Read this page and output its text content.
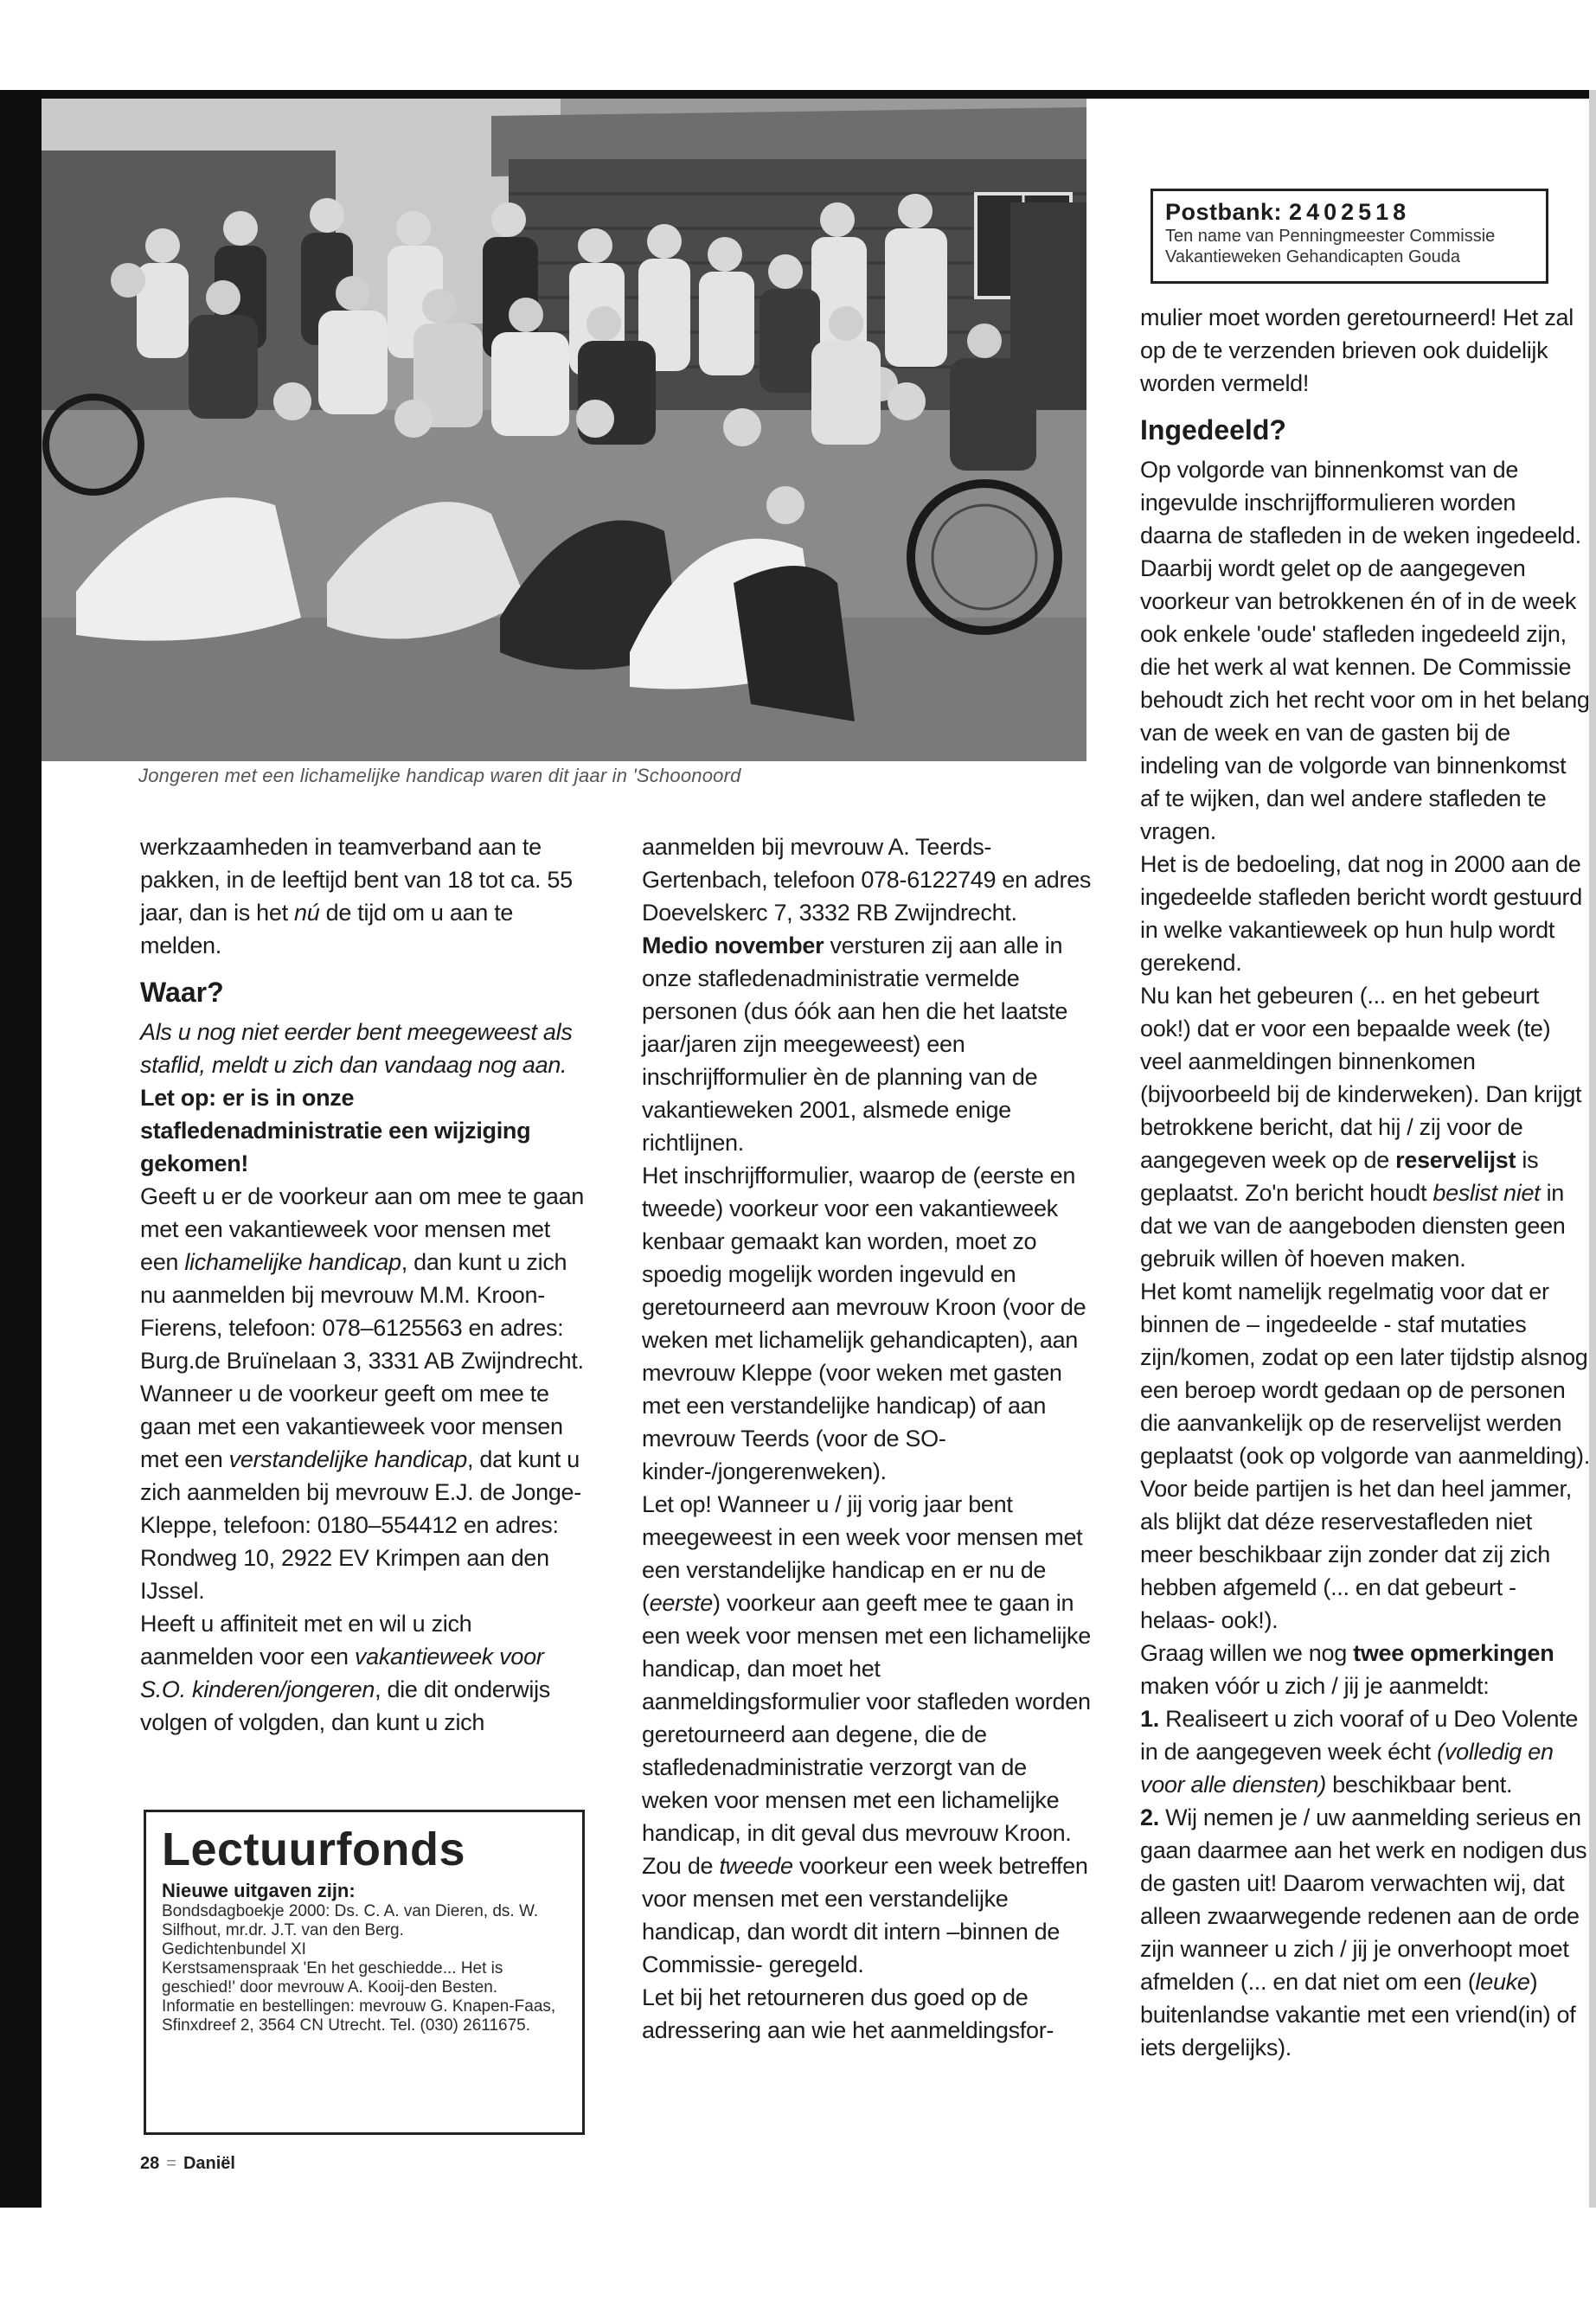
Jongeren met een lichamelijke handicap waren dit jaar in 'Schoonoord
Postbank: 2402518
Ten name van Penningmeester Commissie
Vakantieweken Gehandicapten Gouda

werkzaamheden in teamverband aan te pakken, in de leeftijd bent van 18 tot ca. 55 jaar, dan is het nú de tijd om u aan te melden.

Waar?

Als u nog niet eerder bent meegeweest als staflid, meldt u zich dan vandaag nog aan.

Let op: er is in onze stafledenadministratie een wijziging gekomen!

Geeft u er de voorkeur aan om mee te gaan met een vakantieweek voor mensen met een lichamelijke handicap, dan kunt u zich nu aanmelden bij mevrouw M.M. Kroon-Fierens, telefoon: 078–6125563 en adres: Burg.de Bruïnelaan 3, 3331 AB Zwijndrecht.

Wanneer u de voorkeur geeft om mee te gaan met een vakantieweek voor mensen met een verstandelijke handicap, dat kunt u zich aanmelden bij mevrouw E.J. de Jonge-Kleppe, telefoon: 0180–554412 en adres: Rondweg 10, 2922 EV Krimpen aan den IJssel.

Heeft u affiniteit met en wil u zich aanmelden voor een vakantieweek voor S.O. kinderen/jongeren, die dit onderwijs volgen of volgden, dan kunt u zich

Lectuurfonds
Nieuwe uitgaven zijn:

Bondsdagboekje 2000: Ds. C. A. van Dieren, ds. W. Silfhout, mr.dr. J.T. van den Berg.

Gedichtenbundel XI

Kerstsamenspraak 'En het geschiedde... Het is geschied!' door mevrouw A. Kooij-den Besten.

Informatie en bestellingen: mevrouw G. Knapen-Faas, Sfinxdreef 2, 3564 CN Utrecht. Tel. (030) 2611675.

aanmelden bij mevrouw A. Teerds-Gertenbach, telefoon 078-6122749 en adres Doevelskerc 7, 3332 RB Zwijndrecht.

Medio november versturen zij aan alle in onze stafledenadministratie vermelde personen (dus óók aan hen die het laatste jaar/jaren zijn meegeweest) een inschrijfformulier èn de planning van de vakantieweken 2001, alsmede enige richtlijnen.

Het inschrijfformulier, waarop de (eerste en tweede) voorkeur voor een vakantieweek kenbaar gemaakt kan worden, moet zo spoedig mogelijk worden ingevuld en geretourneerd aan mevrouw Kroon (voor de weken met lichamelijk gehandicapten), aan mevrouw Kleppe (voor weken met gasten met een verstandelijke handicap) of aan mevrouw Teerds (voor de SO-kinder-/jongerenweken).

Let op! Wanneer u / jij vorig jaar bent meegeweest in een week voor mensen met een verstandelijke handicap en er nu de (eerste) voorkeur aan geeft mee te gaan in een week voor mensen met een lichamelijke handicap, dan moet het aanmeldingsformulier voor stafleden worden geretourneerd aan degene, die de stafledenadministratie verzorgt van de weken voor mensen met een lichamelijke handicap, in dit geval dus mevrouw Kroon. Zou de tweede voorkeur een week betreffen voor mensen met een verstandelijke handicap, dan wordt dit intern –binnen de Commissie- geregeld.

Let bij het retourneren dus goed op de adressering aan wie het aanmeldingsfor-

mulier moet worden geretourneerd! Het zal op de te verzenden brieven ook duidelijk worden vermeld!

Ingedeeld?

Op volgorde van binnenkomst van de ingevulde inschrijfformulieren worden daarna de stafleden in de weken ingedeeld. Daarbij wordt gelet op de aangegeven voorkeur van betrokkenen én of in de week ook enkele 'oude' stafleden ingedeeld zijn, die het werk al wat kennen. De Commissie behoudt zich het recht voor om in het belang van de week en van de gasten bij de indeling van de volgorde van binnenkomst af te wijken, dan wel andere stafleden te vragen.

Het is de bedoeling, dat nog in 2000 aan de ingedeelde stafleden bericht wordt gestuurd in welke vakantieweek op hun hulp wordt gerekend.

Nu kan het gebeuren (... en het gebeurt ook!) dat er voor een bepaalde week (te) veel aanmeldingen binnenkomen (bijvoorbeeld bij de kinderweken). Dan krijgt betrokkene bericht, dat hij / zij voor de aangegeven week op de reservelijst is geplaatst. Zo'n bericht houdt beslist niet in dat we van de aangeboden diensten geen gebruik willen òf hoeven maken.

Het komt namelijk regelmatig voor dat er binnen de – ingedeelde - staf mutaties zijn/komen, zodat op een later tijdstip alsnog een beroep wordt gedaan op de personen die aanvankelijk op de reservelijst werden geplaatst (ook op volgorde van aanmelding). Voor beide partijen is het dan heel jammer, als blijkt dat déze reservestafleden niet meer beschikbaar zijn zonder dat zij zich hebben afgemeld (... en dat gebeurt -helaas- ook!).

Graag willen we nog twee opmerkingen maken vóór u zich / jij je aanmeldt:

1. Realiseert u zich vooraf of u Deo Volente in de aangegeven week écht (volledig en voor alle diensten) beschikbaar bent.

2. Wij nemen je / uw aanmelding serieus en gaan daarmee aan het werk en nodigen dus de gasten uit! Daarom verwachten wij, dat alleen zwaarwegende redenen aan de orde zijn wanneer u zich / jij je onverhoopt moet afmelden (... en dat niet om een (leuke) buitenlandse vakantie met een vriend(in) of iets dergelijks).

28 = Daniël
